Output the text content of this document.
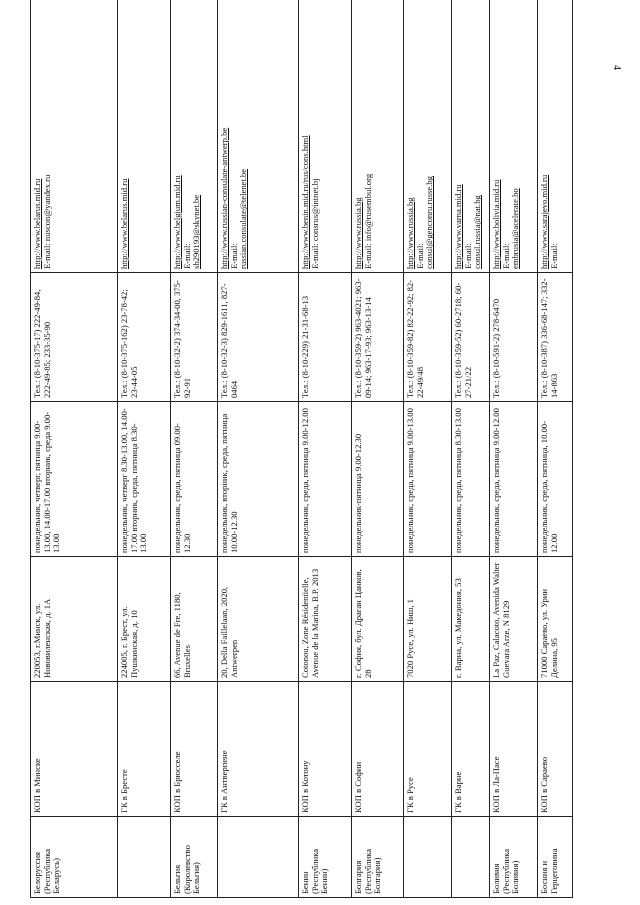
4
Белоруссия (Республика Беларусь)	КОП в Минске	220053, г.Минск, ул. Нововиленская, д. 1А	понедельник, четверг, пятница 9.00-13.00, 14.00-17.00 вторник, среда 9.00-13.00	Тел.: (8-10-375-17) 222-49-84, 222-49-85; 233-35-90	http://www.belarus.mid.ru E-mail: nuscon@yandex.ru

	ГК в Бресте	224005, г. Брест, ул. Пушкинская, д. 10	понедельник, четверг 8.30-13.00, 14.00-17.00 вторник, среда, пятница 8.30-13.00	Тел.: (8-10-375-162) 23-78-42; 23-44-05	http://www.belarus.mid.ru

Бельгия (Королевство Бельгия)	КОП в Брюсселе	66, Avenue de Fre, 1180, Bruxelles	понедельник, среда, пятница 09.00-12.30	Тел.: (8-10-32-2) 374-34-00, 375-92-91	http://www.belgium.mid.ru E-mail: sb290193@skynet.be

	ГК в Антверпене	20, Della Faillelaan, 2020, Antwerpen	понедельник, вторник, среда, пятница 10.00-12.30	Тел.: (8-10-32-3) 829-1611, 827-0464	http://www.russian-consulate-antwerp.be E-mail: russian.consulate@telenet.be

Бенин (Республика Бенин)	КОП в Котону	Cotonou, Zone Résidentielle, Avenue de la Marina, B.P. 2013	понедельник, среда, пятница 9.00-12.00	Тел.: (8-10-229) 21-31-68-13	http://www.benin.mid.ru/rus/cons.html E-mail: consrus@intnet.bj

Болгария (Республика Болгария)	КОП в Софии	г. София, бул. Драган Цанков, 28	понедельник-пятница 9.00-12.30	Тел.: (8-10-359-2) 963-4021; 963-09-14; 963-17-93; 963-13-14	http://www.russia.bg E-mail: info@rusembul.org

	ГК в Русе	7020 Русе, ул. Ниш, 1	понедельник, среда, пятница 9.00-13.00	Тел.: (8-10-359-82) 82-22-92; 82-22-49/48	http://www.russia.bg E-mail: consul@genconru.russe.bg

	ГК в Варне	г. Варна, ул. Македония, 53	понедельник, среда, пятница 8.30-13.00	Тел.: (8-10-359-52) 60-2718; 60-27-21/22	http://www.varna.mid.ru E-mail: consul.russia@nat.bg

Боливия (Республика Боливия)	КОП в Ла-Пасе	La Paz, Calacoto, Avenida Walter Guevara Arze, N 8129	понедельник, среда, пятница 9.00-12.00	Тел.: (8-10-591-2) 278-6470	http://www.bolivia.mid.ru E-mail: embrusia@acelerate.bo

Босния и Герцеговина	КОП в Сараево	71000 Сараево, ул. Урии Делина, 95	понедельник, среда, пятница, 10.00-12.00	Тел.: (8-10-387) 336-68-147; 332-14-863	http://www.sarajevo.mid.ru E-mail:
